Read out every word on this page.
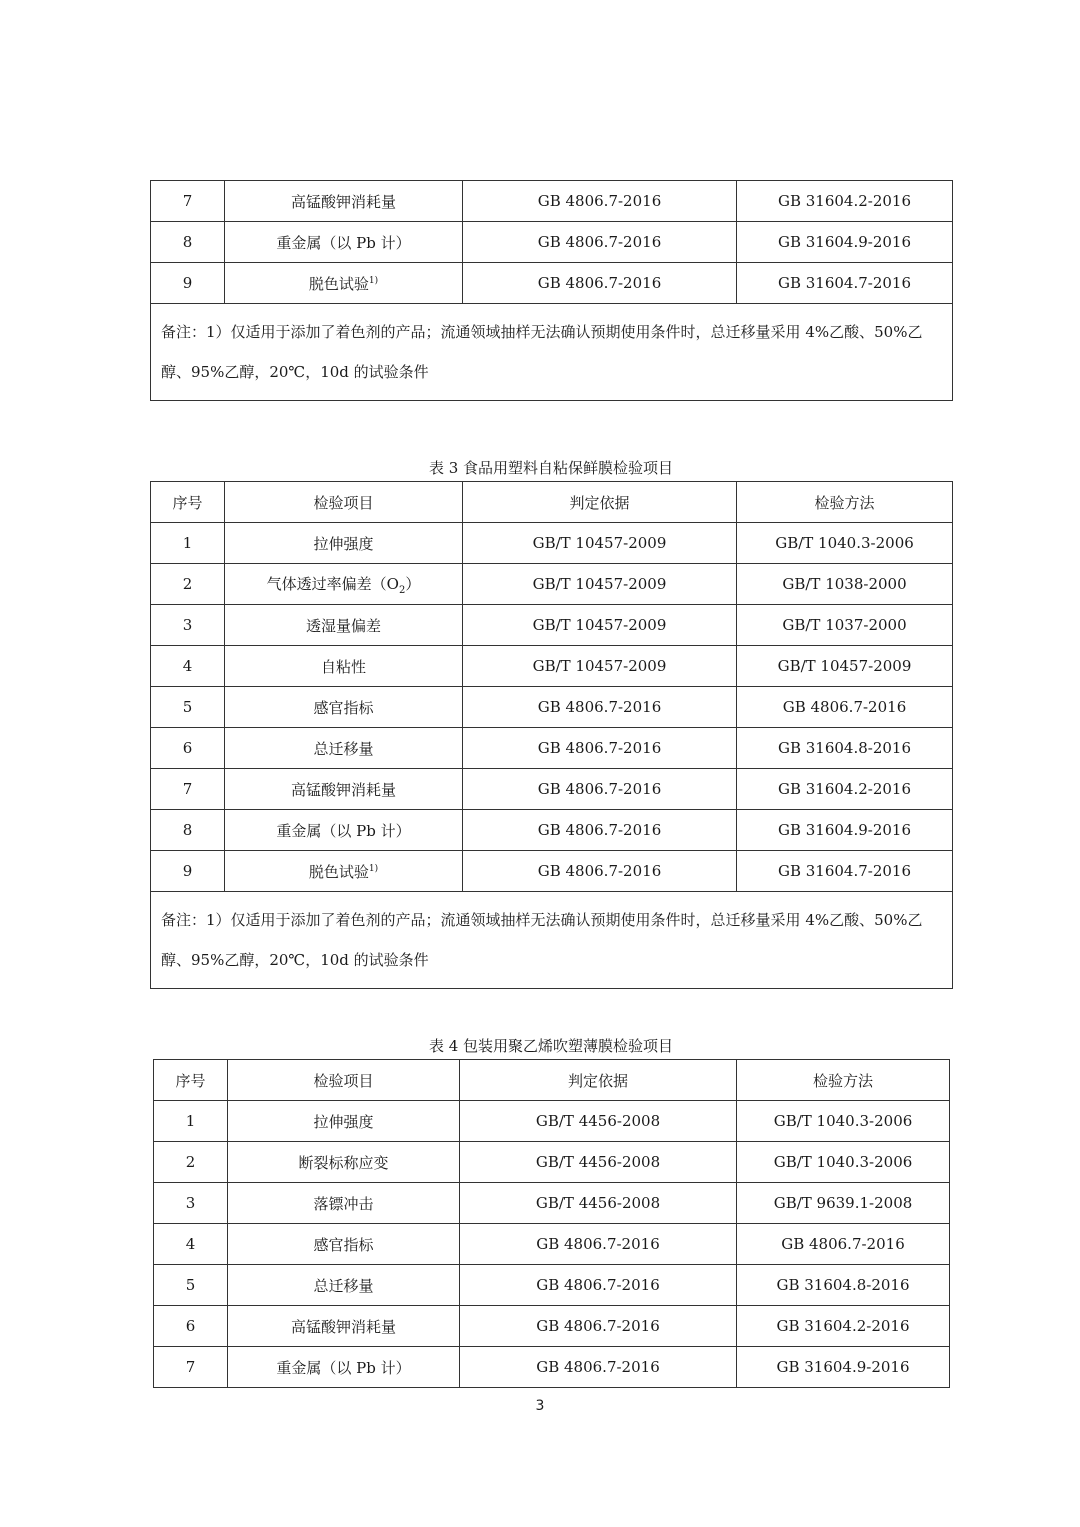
7	高锰酸钾消耗量	GB 4806.7-2016	GB 31604.2-2016
8	重金属（以 Pb 计）	GB 4806.7-2016	GB 31604.9-2016
9	脱色试验$^{1)}$	GB 4806.7-2016	GB 31604.7-2016
备注：1）仅适用于添加了着色剂的产品；流通领域抽样无法确认预期使用条件时，总迁移量采用 4%乙酸、50%乙醇、95%乙醇，20℃，10d 的试验条件			
表 3 食品用塑料自粘保鲜膜检验项目
序号	检验项目	判定依据	检验方法
1	拉伸强度	GB/T 10457-2009	GB/T 1040.3-2006
2	气体透过率偏差$(O_2)$	GB/T 10457-2009	GB/T 1038-2000
3	透湿量偏差	GB/T 10457-2009	GB/T 1037-2000
4	自粘性	GB/T 10457-2009	GB/T 10457-2009
5	感官指标	GB 4806.7-2016	GB 4806.7-2016
6	总迁移量	GB 4806.7-2016	GB 31604.8-2016
7	高锰酸钾消耗量	GB 4806.7-2016	GB 31604.2-2016
8	重金属（以 Pb 计）	GB 4806.7-2016	GB 31604.9-2016
9	脱色试验$^{1)}$	GB 4806.7-2016	GB 31604.7-2016
备注：1）仅适用于添加了着色剂的产品；流通领域抽样无法确认预期使用条件时，总迁移量采用 4%乙酸、50%乙醇、95%乙醇，20℃，10d 的试验条件			
表 4 包装用聚乙烯吹塑薄膜检验项目
序号	检验项目	判定依据	检验方法
1	拉伸强度	GB/T 4456-2008	GB/T 1040.3-2006
2	断裂标称应变	GB/T 4456-2008	GB/T 1040.3-2006
3	落镖冲击	GB/T 4456-2008	GB/T 9639.1-2008
4	感官指标	GB 4806.7-2016	GB 4806.7-2016
5	总迁移量	GB 4806.7-2016	GB 31604.8-2016
6	高锰酸钾消耗量	GB 4806.7-2016	GB 31604.2-2016
7	重金属（以 Pb 计）	GB 4806.7-2016	GB 31604.9-2016
3
